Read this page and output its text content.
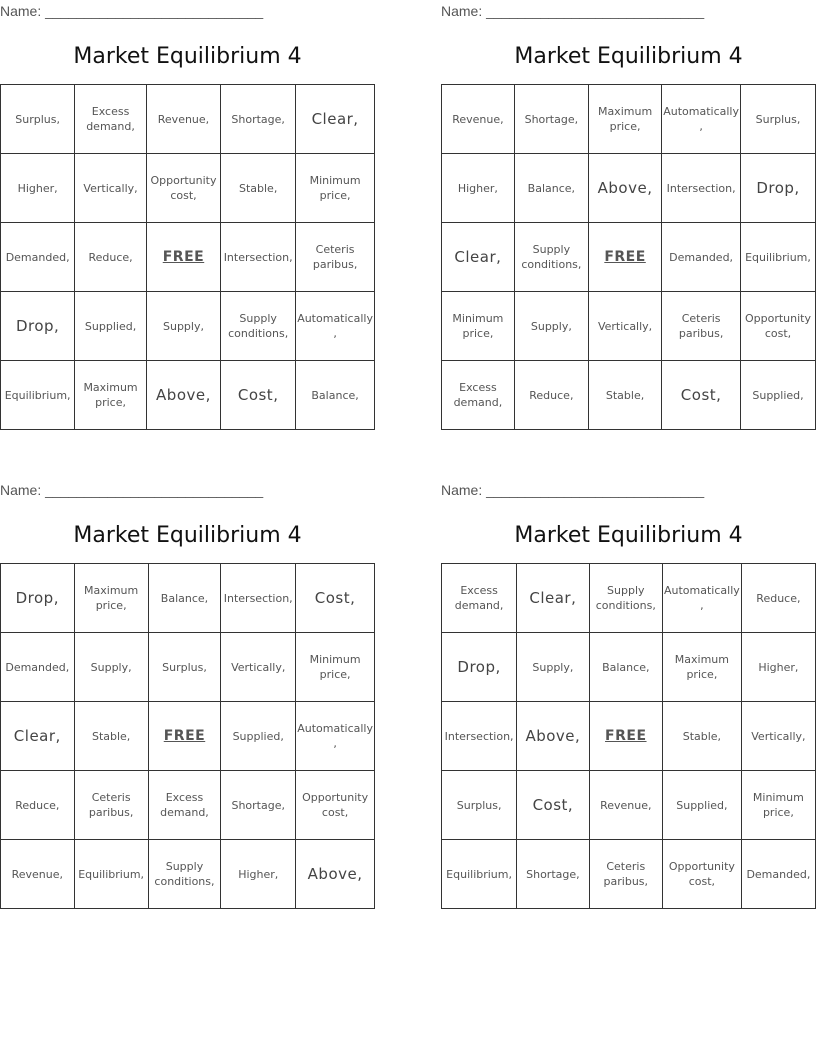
Name: ____________________________
Market Equilibrium 4
Surplus,	Excess demand,	Revenue,	Shortage,	Clear,
Higher,	Vertically,	Opportunity cost,	Stable,	Minimum price,
Demanded,	Reduce,	FREE	Intersection,	Ceteris paribus,
Drop,	Supplied,	Supply,	Supply conditions,	Automatically ,
Equilibrium,	Maximum price,	Above,	Cost,	Balance,
Name: ____________________________
Market Equilibrium 4
Revenue,	Shortage,	Maximum price,	Automatically ,	Surplus,
Higher,	Balance,	Above,	Intersection,	Drop,
Clear,	Supply conditions,	FREE	Demanded,	Equilibrium,
Minimum price,	Supply,	Vertically,	Ceteris paribus,	Opportunity cost,
Excess demand,	Reduce,	Stable,	Cost,	Supplied,
Name: ____________________________
Market Equilibrium 4
Drop,	Maximum price,	Balance,	Intersection,	Cost,
Demanded,	Supply,	Surplus,	Vertically,	Minimum price,
Clear,	Stable,	FREE	Supplied,	Automatically ,
Reduce,	Ceteris paribus,	Excess demand,	Shortage,	Opportunity cost,
Revenue,	Equilibrium,	Supply conditions,	Higher,	Above,
Name: ____________________________
Market Equilibrium 4
Excess demand,	Clear,	Supply conditions,	Automatically ,	Reduce,
Drop,	Supply,	Balance,	Maximum price,	Higher,
Intersection,	Above,	FREE	Stable,	Vertically,
Surplus,	Cost,	Revenue,	Supplied,	Minimum price,
Equilibrium,	Shortage,	Ceteris paribus,	Opportunity cost,	Demanded,
